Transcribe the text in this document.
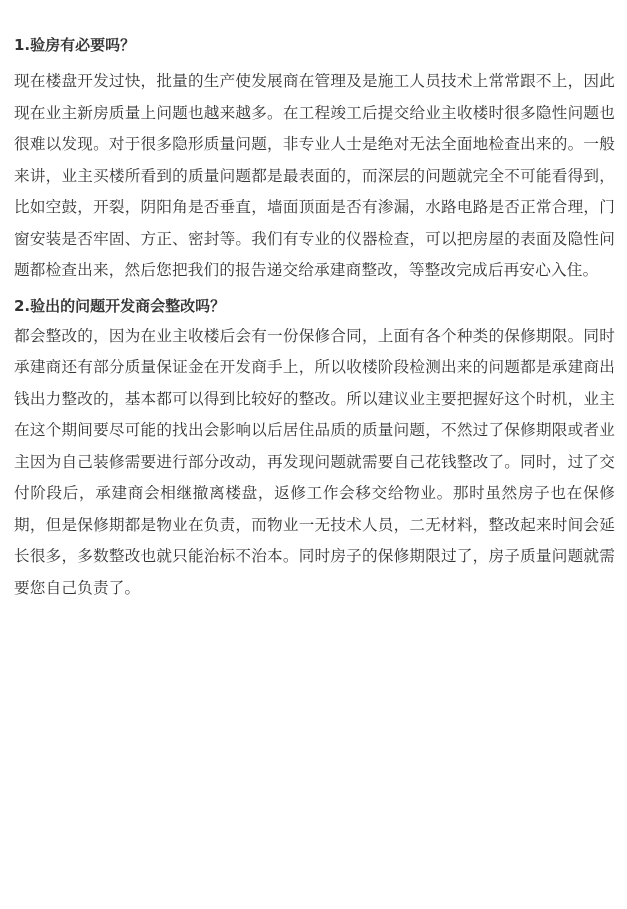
1.验房有必要吗？

现在楼盘开发过快，批量的生产使发展商在管理及是施工人员技术上常常跟不上，因此现在业主新房质量上问题也越来越多。在工程竣工后提交给业主收楼时很多隐性问题也很难以发现。对于很多隐形质量问题，非专业人士是绝对无法全面地检查出来的。一般来讲，业主买楼所看到的质量问题都是最表面的，而深层的问题就完全不可能看得到，比如空鼓，开裂，阴阳角是否垂直，墙面顶面是否有渗漏，水路电路是否正常合理，门窗安装是否牢固、方正、密封等。我们有专业的仪器检查，可以把房屋的表面及隐性问题都检查出来，然后您把我们的报告递交给承建商整改，等整改完成后再安心入住。

2.验出的问题开发商会整改吗？

都会整改的，因为在业主收楼后会有一份保修合同，上面有各个种类的保修期限。同时承建商还有部分质量保证金在开发商手上，所以收楼阶段检测出来的问题都是承建商出钱出力整改的，基本都可以得到比较好的整改。所以建议业主要把握好这个时机，业主在这个期间要尽可能的找出会影响以后居住品质的质量问题，不然过了保修期限或者业主因为自己装修需要进行部分改动，再发现问题就需要自己花钱整改了。同时，过了交付阶段后，承建商会相继撤离楼盘，返修工作会移交给物业。那时虽然房子也在保修期，但是保修期都是物业在负责，而物业一无技术人员，二无材料，整改起来时间会延长很多，多数整改也就只能治标不治本。同时房子的保修期限过了，房子质量问题就需要您自己负责了。
